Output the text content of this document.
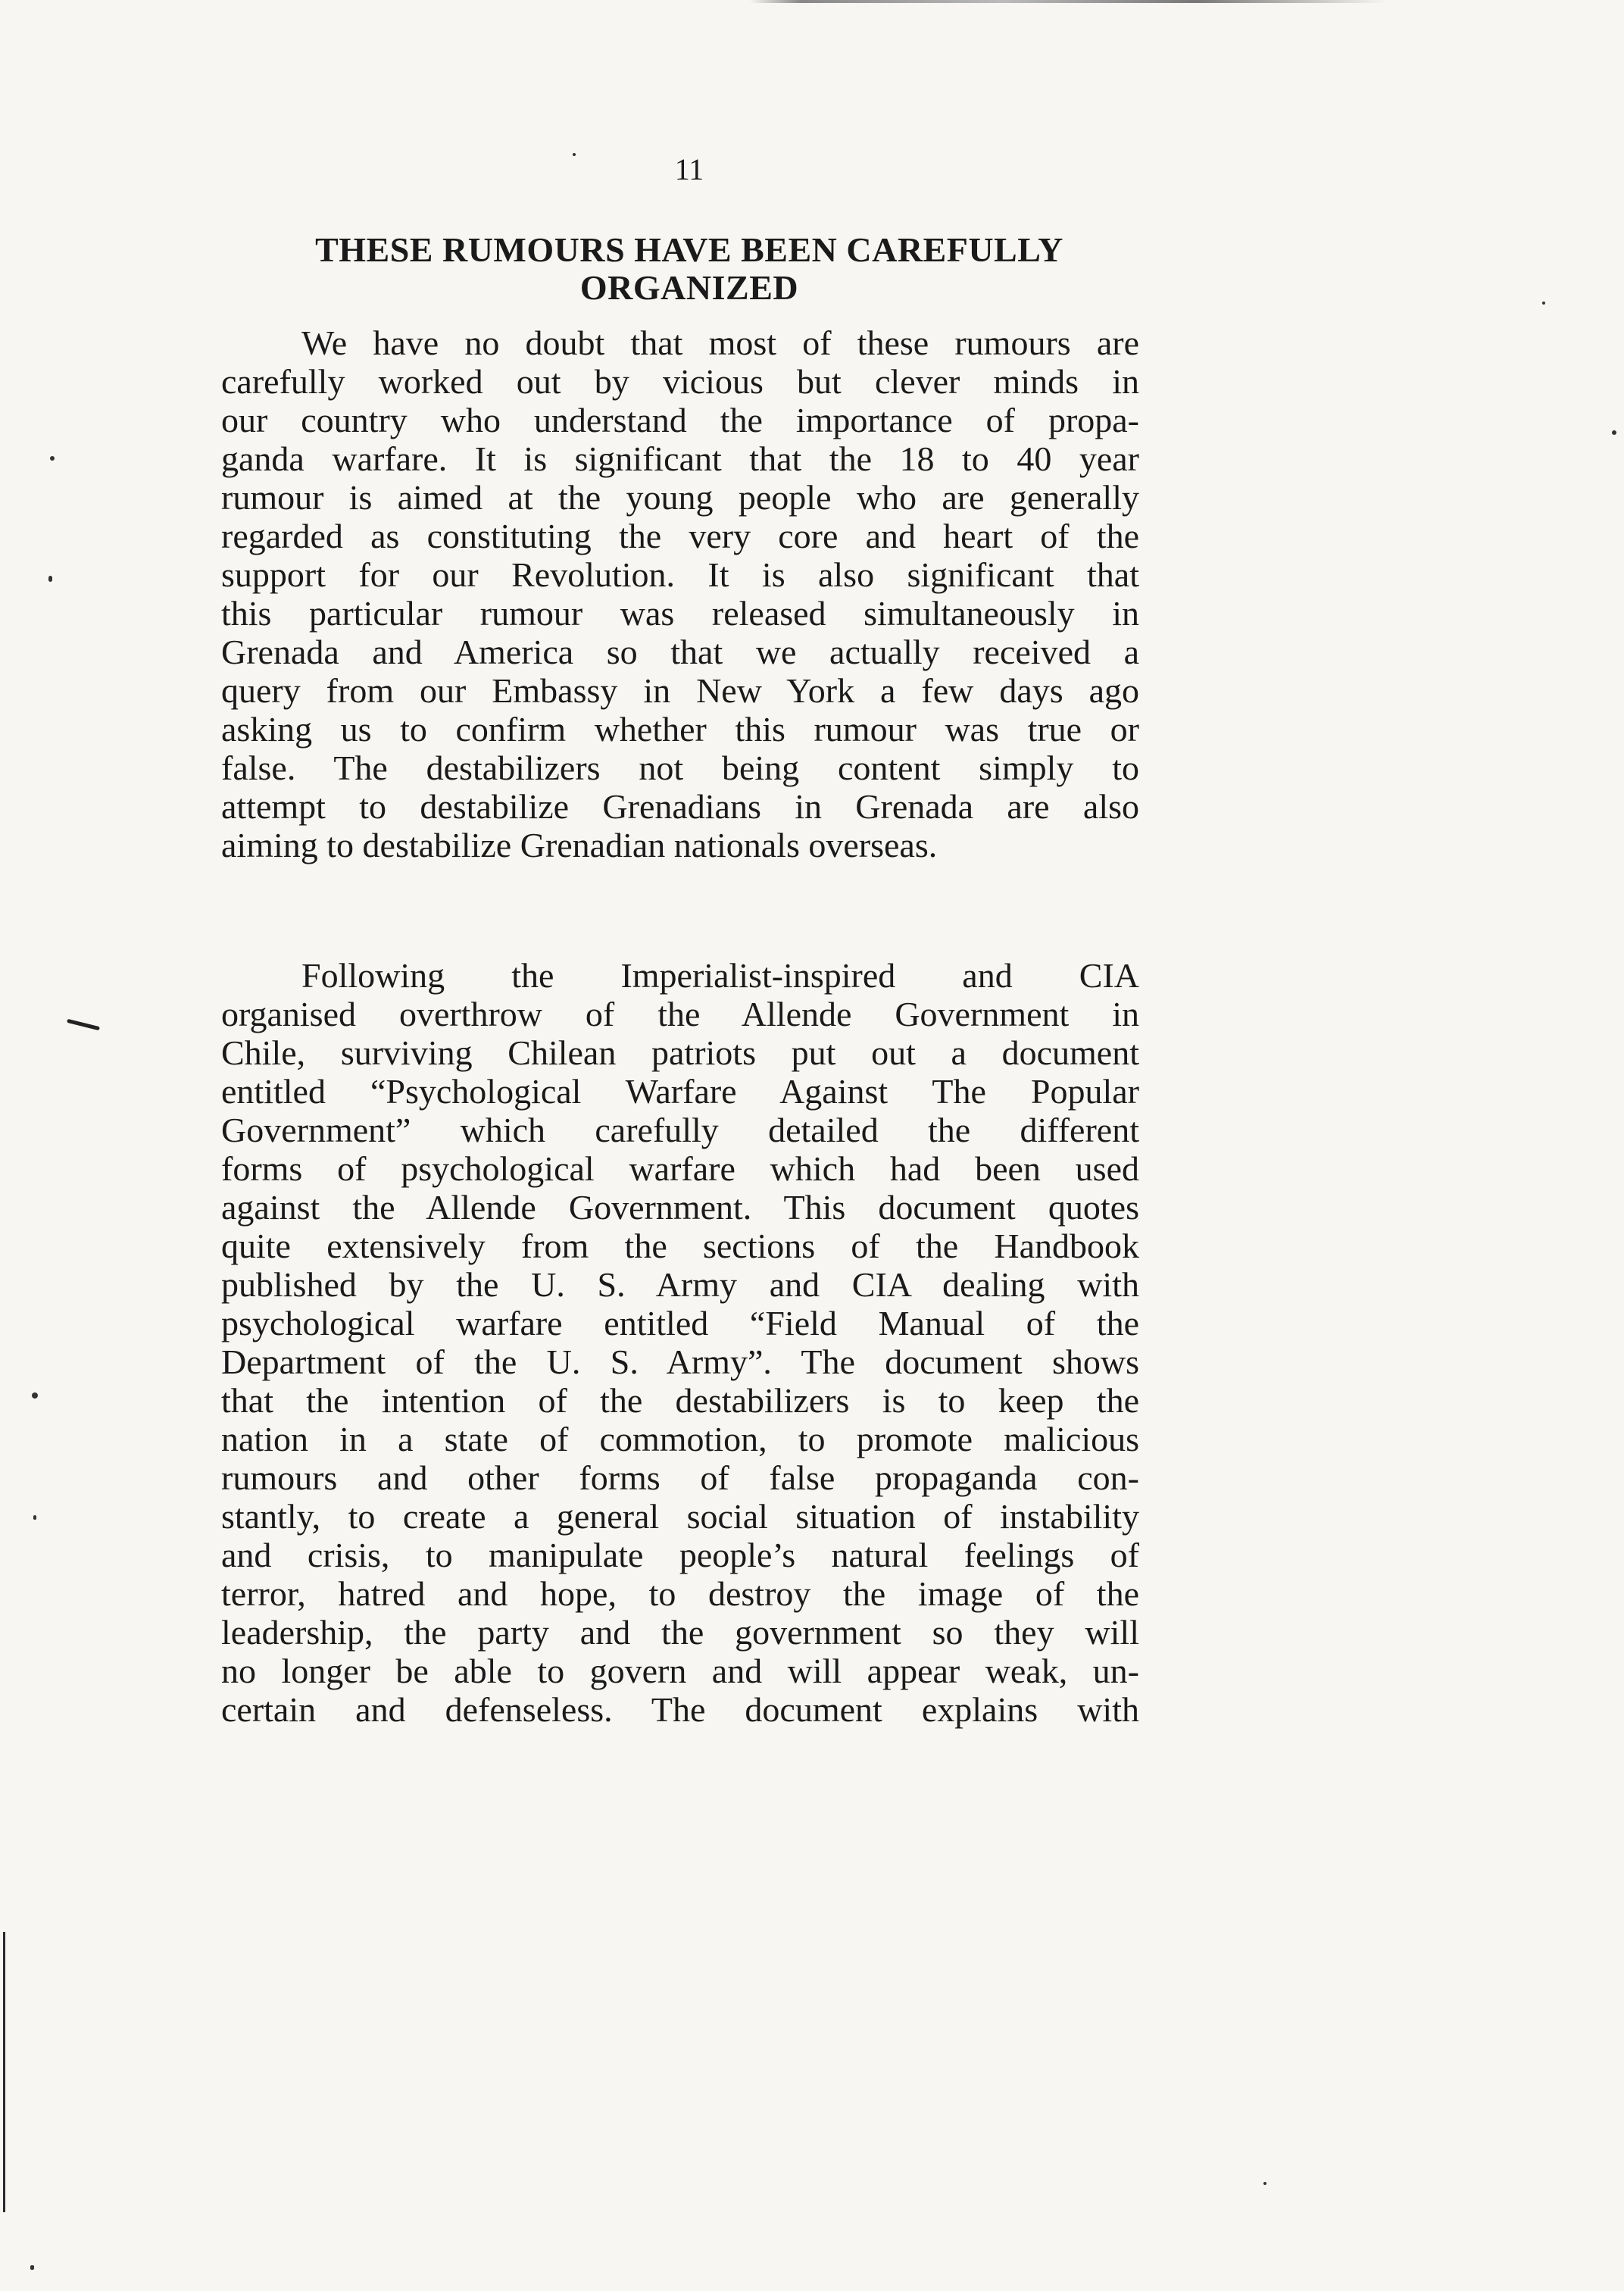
11
THESE RUMOURS HAVE BEEN CAREFULLY
ORGANIZED
We have no doubt that most of these rumours are
carefully worked out by vicious but clever minds in
our country who understand the importance of propa-
ganda warfare. It is significant that the 18 to 40 year
rumour is aimed at the young people who are generally
regarded as constituting the very core and heart of the
support for our Revolution. It is also significant that
this particular rumour was released simultaneously in
Grenada and America so that we actually received a
query from our Embassy in New York a few days ago
asking us to confirm whether this rumour was true or
false. The destabilizers not being content simply to
attempt to destabilize Grenadians in Grenada are also
aiming to destabilize Grenadian nationals overseas.
Following the Imperialist-inspired and CIA
organised overthrow of the Allende Government in
Chile, surviving Chilean patriots put out a document
entitled “Psychological Warfare Against The Popular
Government” which carefully detailed the different
forms of psychological warfare which had been used
against the Allende Government. This document quotes
quite extensively from the sections of the Handbook
published by the U. S. Army and CIA dealing with
psychological warfare entitled “Field Manual of the
Department of the U. S. Army”. The document shows
that the intention of the destabilizers is to keep the
nation in a state of commotion, to promote malicious
rumours and other forms of false propaganda con-
stantly, to create a general social situation of instability
and crisis, to manipulate people’s natural feelings of
terror, hatred and hope, to destroy the image of the
leadership, the party and the government so they will
no longer be able to govern and will appear weak, un-
certain and defenseless. The document explains with
